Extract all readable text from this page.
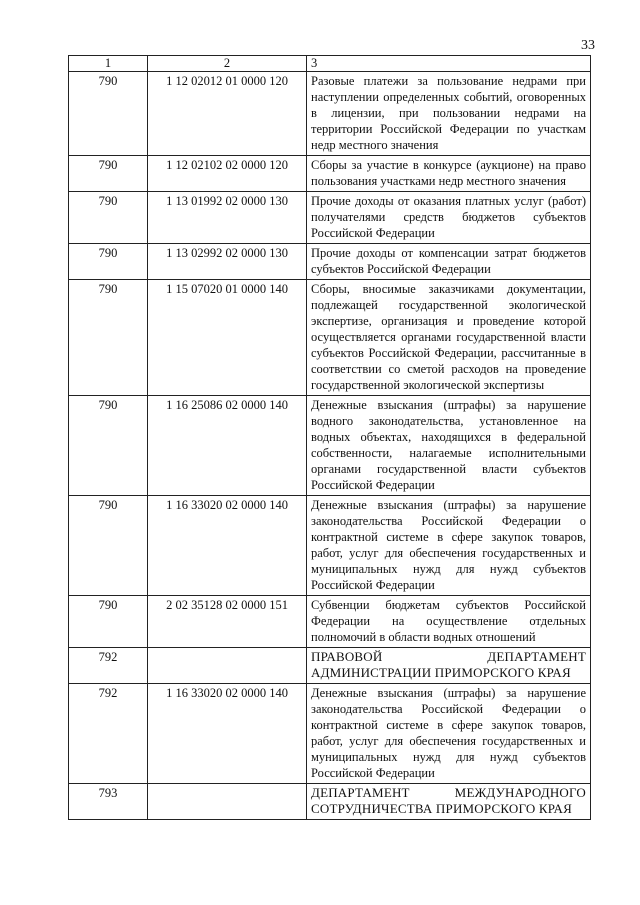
33
1	2	3
790	1 12 02012 01 0000 120	Разовые платежи за пользование недрами при наступлении определенных событий, оговоренных в лицензии, при пользовании недрами на территории Российской Федерации по участкам недр местного значения
790	1 12 02102 02 0000 120	Сборы за участие в конкурсе (аукционе) на право пользования участками недр местного значения
790	1 13 01992 02 0000 130	Прочие доходы от оказания платных услуг (работ) получателями средств бюджетов субъектов Российской Федерации
790	1 13 02992 02 0000 130	Прочие доходы от компенсации затрат бюджетов субъектов Российской Федерации
790	1 15 07020 01 0000 140	Сборы, вносимые заказчиками документации, подлежащей государственной экологической экспертизе, организация и проведение которой осуществляется органами государственной власти субъектов Российской Федерации, рассчитанные в соответствии со сметой расходов на проведение государственной экологической экспертизы
790	1 16 25086 02 0000 140	Денежные взыскания (штрафы) за нарушение водного законодательства, установленное на водных объектах, находящихся в федеральной собственности, налагаемые исполнительными органами государственной власти субъектов Российской Федерации
790	1 16 33020 02 0000 140	Денежные взыскания (штрафы) за нарушение законодательства Российской Федерации о контрактной системе в сфере закупок товаров, работ, услуг для обеспечения государственных и муниципальных нужд для нужд субъектов Российской Федерации
790	2 02 35128 02 0000 151	Субвенции бюджетам субъектов Российской Федерации на осуществление отдельных полномочий в области водных отношений
792		ПРАВОВОЙ ДЕПАРТАМЕНТ
АДМИНИСТРАЦИИ ПРИМОРСКОГО КРАЯ

792	1 16 33020 02 0000 140	Денежные взыскания (штрафы) за нарушение законодательства Российской Федерации о контрактной системе в сфере закупок товаров, работ, услуг для обеспечения государственных и муниципальных нужд для нужд субъектов Российской Федерации
793		ДЕПАРТАМЕНТ МЕЖДУНАРОДНОГО
СОТРУДНИЧЕСТВА ПРИМОРСКОГО КРАЯ
